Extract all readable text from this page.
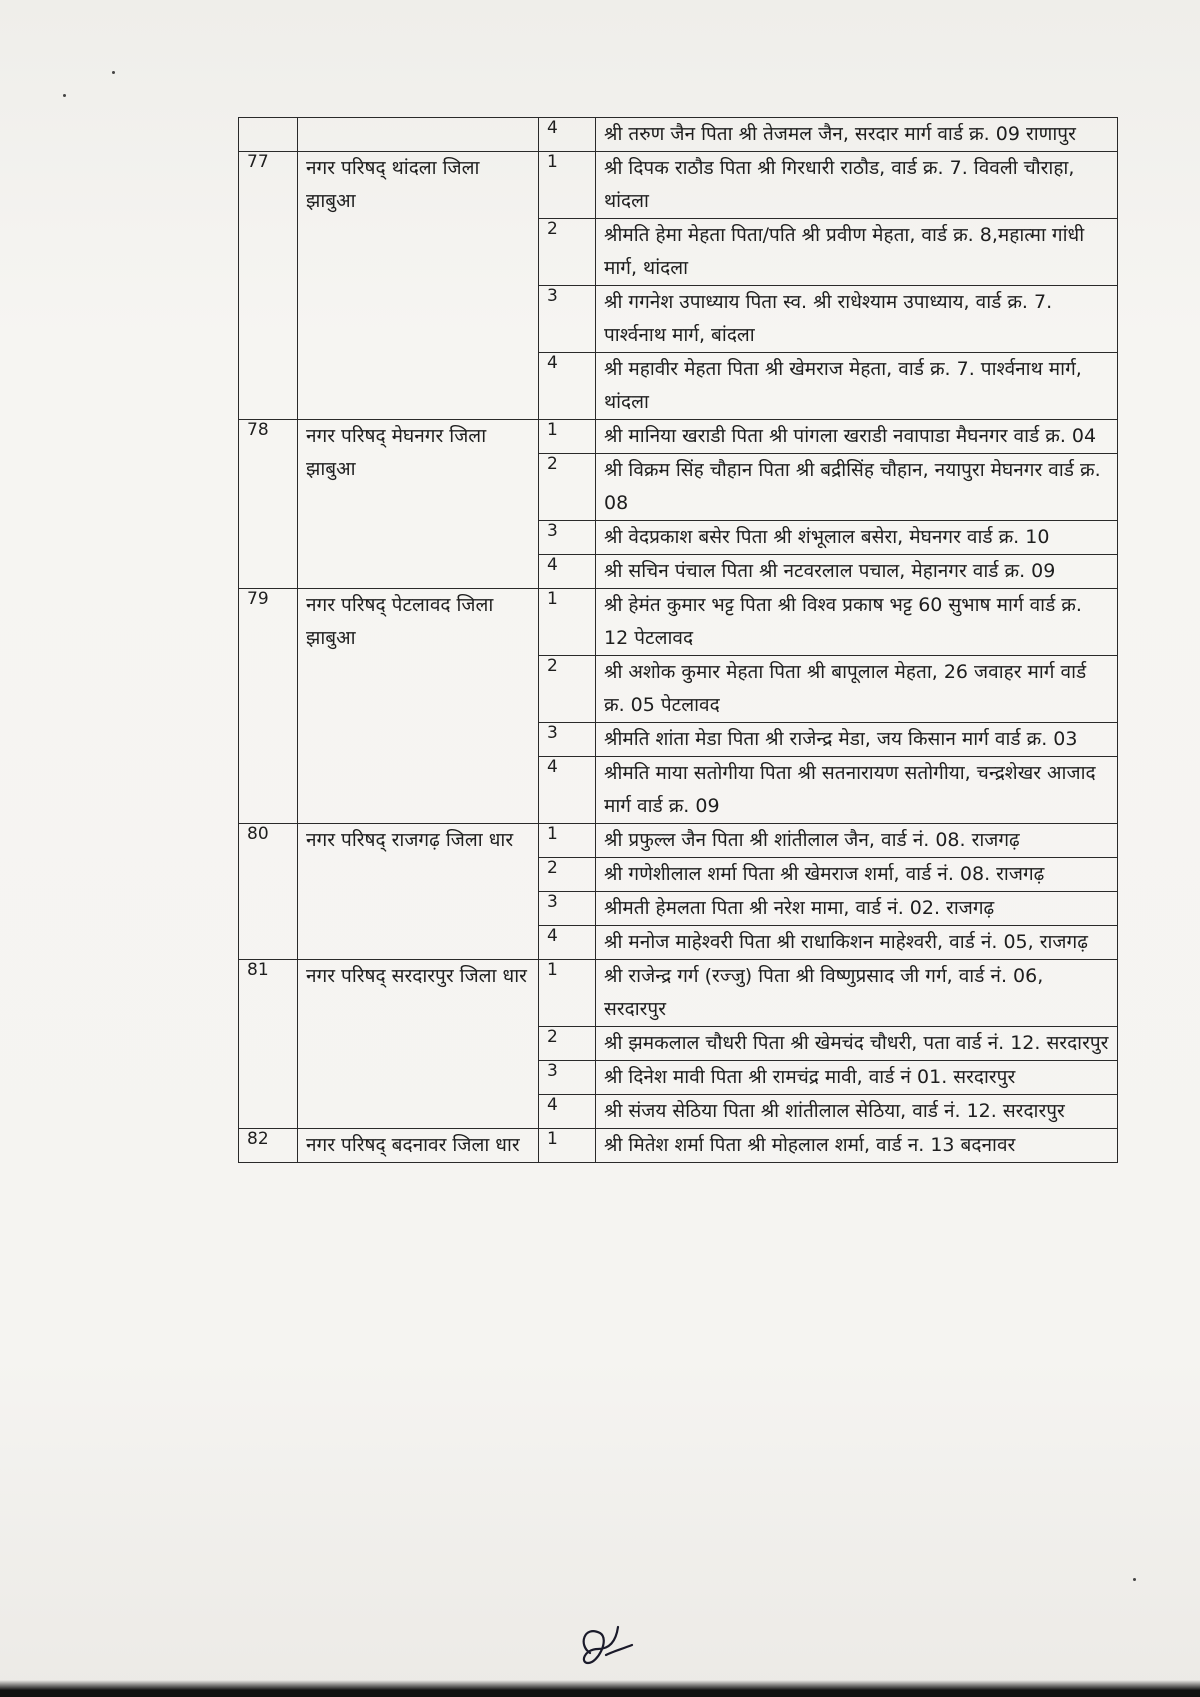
		4	श्री तरुण जैन पिता श्री तेजमल जैन, सरदार मार्ग वार्ड क्र. 09 राणापुर
77	नगर परिषद् थांदला जिला झाबुआ	1	श्री दिपक राठौड पिता श्री गिरधारी राठौड, वार्ड क्र. 7. विवली चौराहा, थांदला
		2	श्रीमति हेमा मेहता पिता/पति श्री प्रवीण मेहता, वार्ड क्र. 8,महात्मा गांधी मार्ग, थांदला
		3	श्री गगनेश उपाध्याय पिता स्व. श्री राधेश्याम उपाध्याय, वार्ड क्र. 7. पार्श्वनाथ मार्ग, बांदला
		4	श्री महावीर मेहता पिता श्री खेमराज मेहता, वार्ड क्र. 7. पार्श्वनाथ मार्ग, थांदला
78	नगर परिषद् मेघनगर जिला झाबुआ	1	श्री मानिया खराडी पिता श्री पांगला खराडी नवापाडा मैघनगर वार्ड क्र. 04
		2	श्री विक्रम सिंह चौहान पिता श्री बद्रीसिंह चौहान, नयापुरा मेघनगर वार्ड क्र. 08
		3	श्री वेदप्रकाश बसेर पिता श्री शंभूलाल बसेरा, मेघनगर वार्ड क्र. 10
		4	श्री सचिन पंचाल पिता श्री नटवरलाल पचाल, मेहानगर वार्ड क्र. 09
79	नगर परिषद् पेटलावद जिला झाबुआ	1	श्री हेमंत कुमार भट्ट पिता श्री विश्व प्रकाष भट्ट 60 सुभाष मार्ग वार्ड क्र. 12 पेटलावद
		2	श्री अशोक कुमार मेहता पिता श्री बापूलाल मेहता, 26 जवाहर मार्ग वार्ड क्र. 05 पेटलावद
		3	श्रीमति शांता मेडा पिता श्री राजेन्द्र मेडा, जय किसान मार्ग वार्ड क्र. 03
		4	श्रीमति माया सतोगीया पिता श्री सतनारायण सतोगीया, चन्द्रशेखर आजाद मार्ग वार्ड क्र. 09
80	नगर परिषद् राजगढ़ जिला धार	1	श्री प्रफुल्ल जैन पिता श्री शांतीलाल जैन, वार्ड नं. 08. राजगढ़
		2	श्री गणेशीलाल शर्मा पिता श्री खेमराज शर्मा, वार्ड नं. 08. राजगढ़
		3	श्रीमती हेमलता पिता श्री नरेश मामा, वार्ड नं. 02. राजगढ़
		4	श्री मनोज माहेश्वरी पिता श्री राधाकिशन माहेश्वरी, वार्ड नं. 05, राजगढ़
81	नगर परिषद् सरदारपुर जिला धार	1	श्री राजेन्द्र गर्ग (रज्जु) पिता श्री विष्णुप्रसाद जी गर्ग, वार्ड नं. 06, सरदारपुर
		2	श्री झमकलाल चौधरी पिता श्री खेमचंद चौधरी, पता वार्ड नं. 12. सरदारपुर
		3	श्री दिनेश मावी पिता श्री रामचंद्र मावी, वार्ड नं 01. सरदारपुर
		4	श्री संजय सेठिया पिता श्री शांतीलाल सेठिया, वार्ड नं. 12. सरदारपुर
82	नगर परिषद् बदनावर जिला धार	1	श्री मितेश शर्मा पिता श्री मोहलाल शर्मा, वार्ड न. 13 बदनावर
